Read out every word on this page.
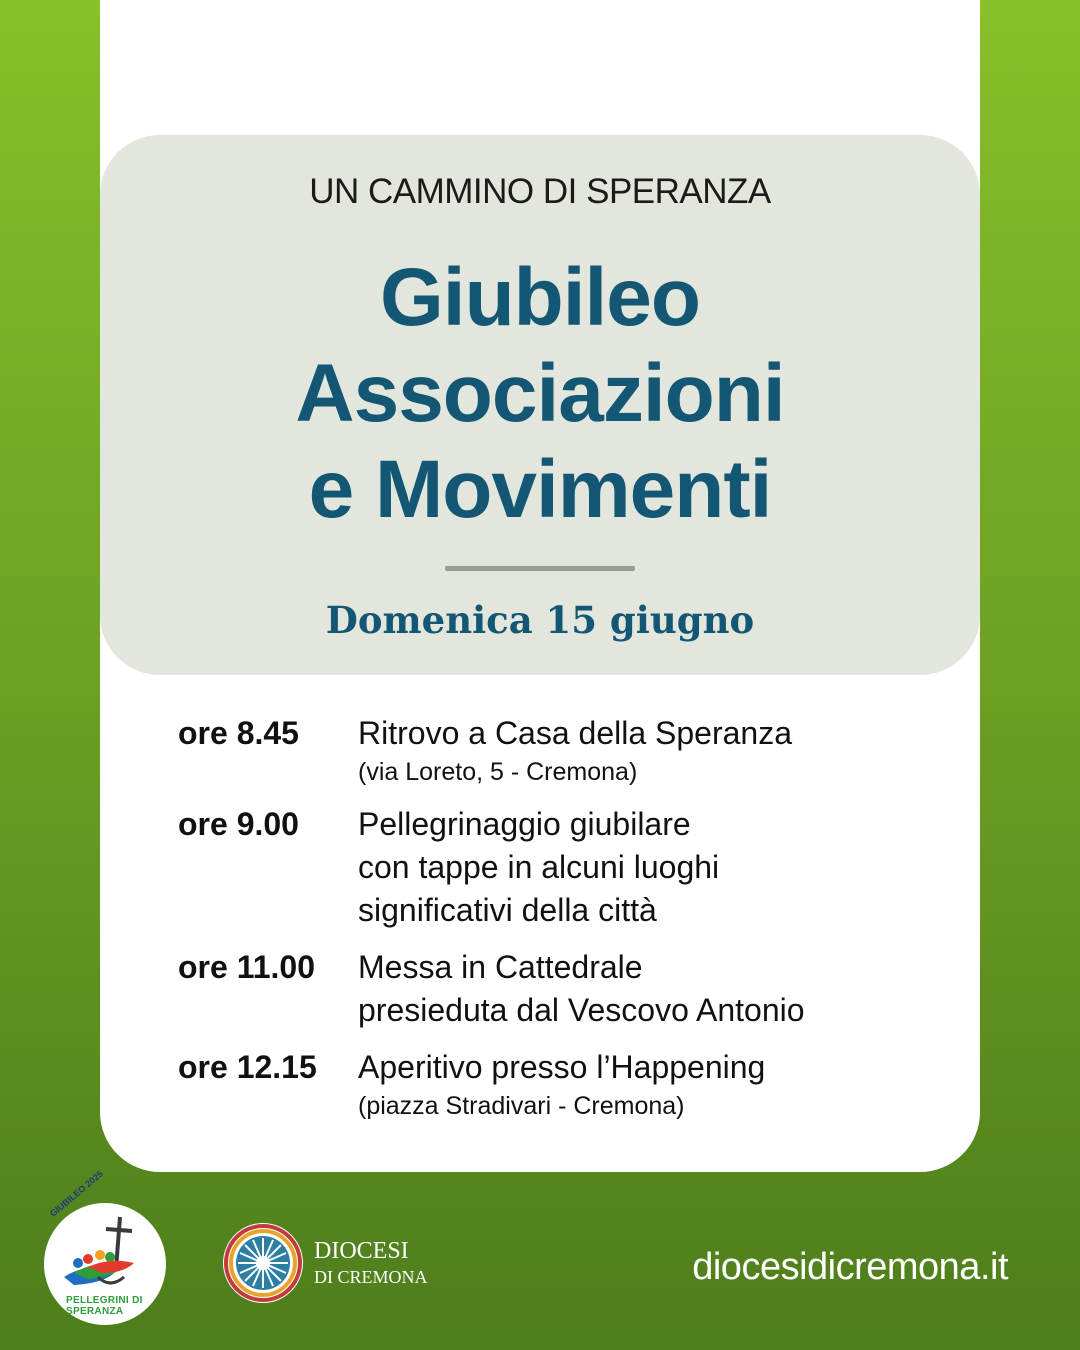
UN CAMMINO DI SPERANZA
Giubileo
Associazioni
e Movimenti
Domenica 15 giugno
ore 8.45 Ritrovo a Casa della Speranza
(via Loreto, 5 - Cremona)
ore 9.00 Pellegrinaggio giubilare
con tappe in alcuni luoghi
significativi della città
ore 11.00 Messa in Cattedrale
presieduta dal Vescovo Antonio
ore 12.15 Aperitivo presso l’Happening
(piazza Stradivari - Cremona)
GIUBILEO 2025
PELLEGRINI DI SPERANZA
DIOCESI
DI CREMONA	diocesidicremona.it
